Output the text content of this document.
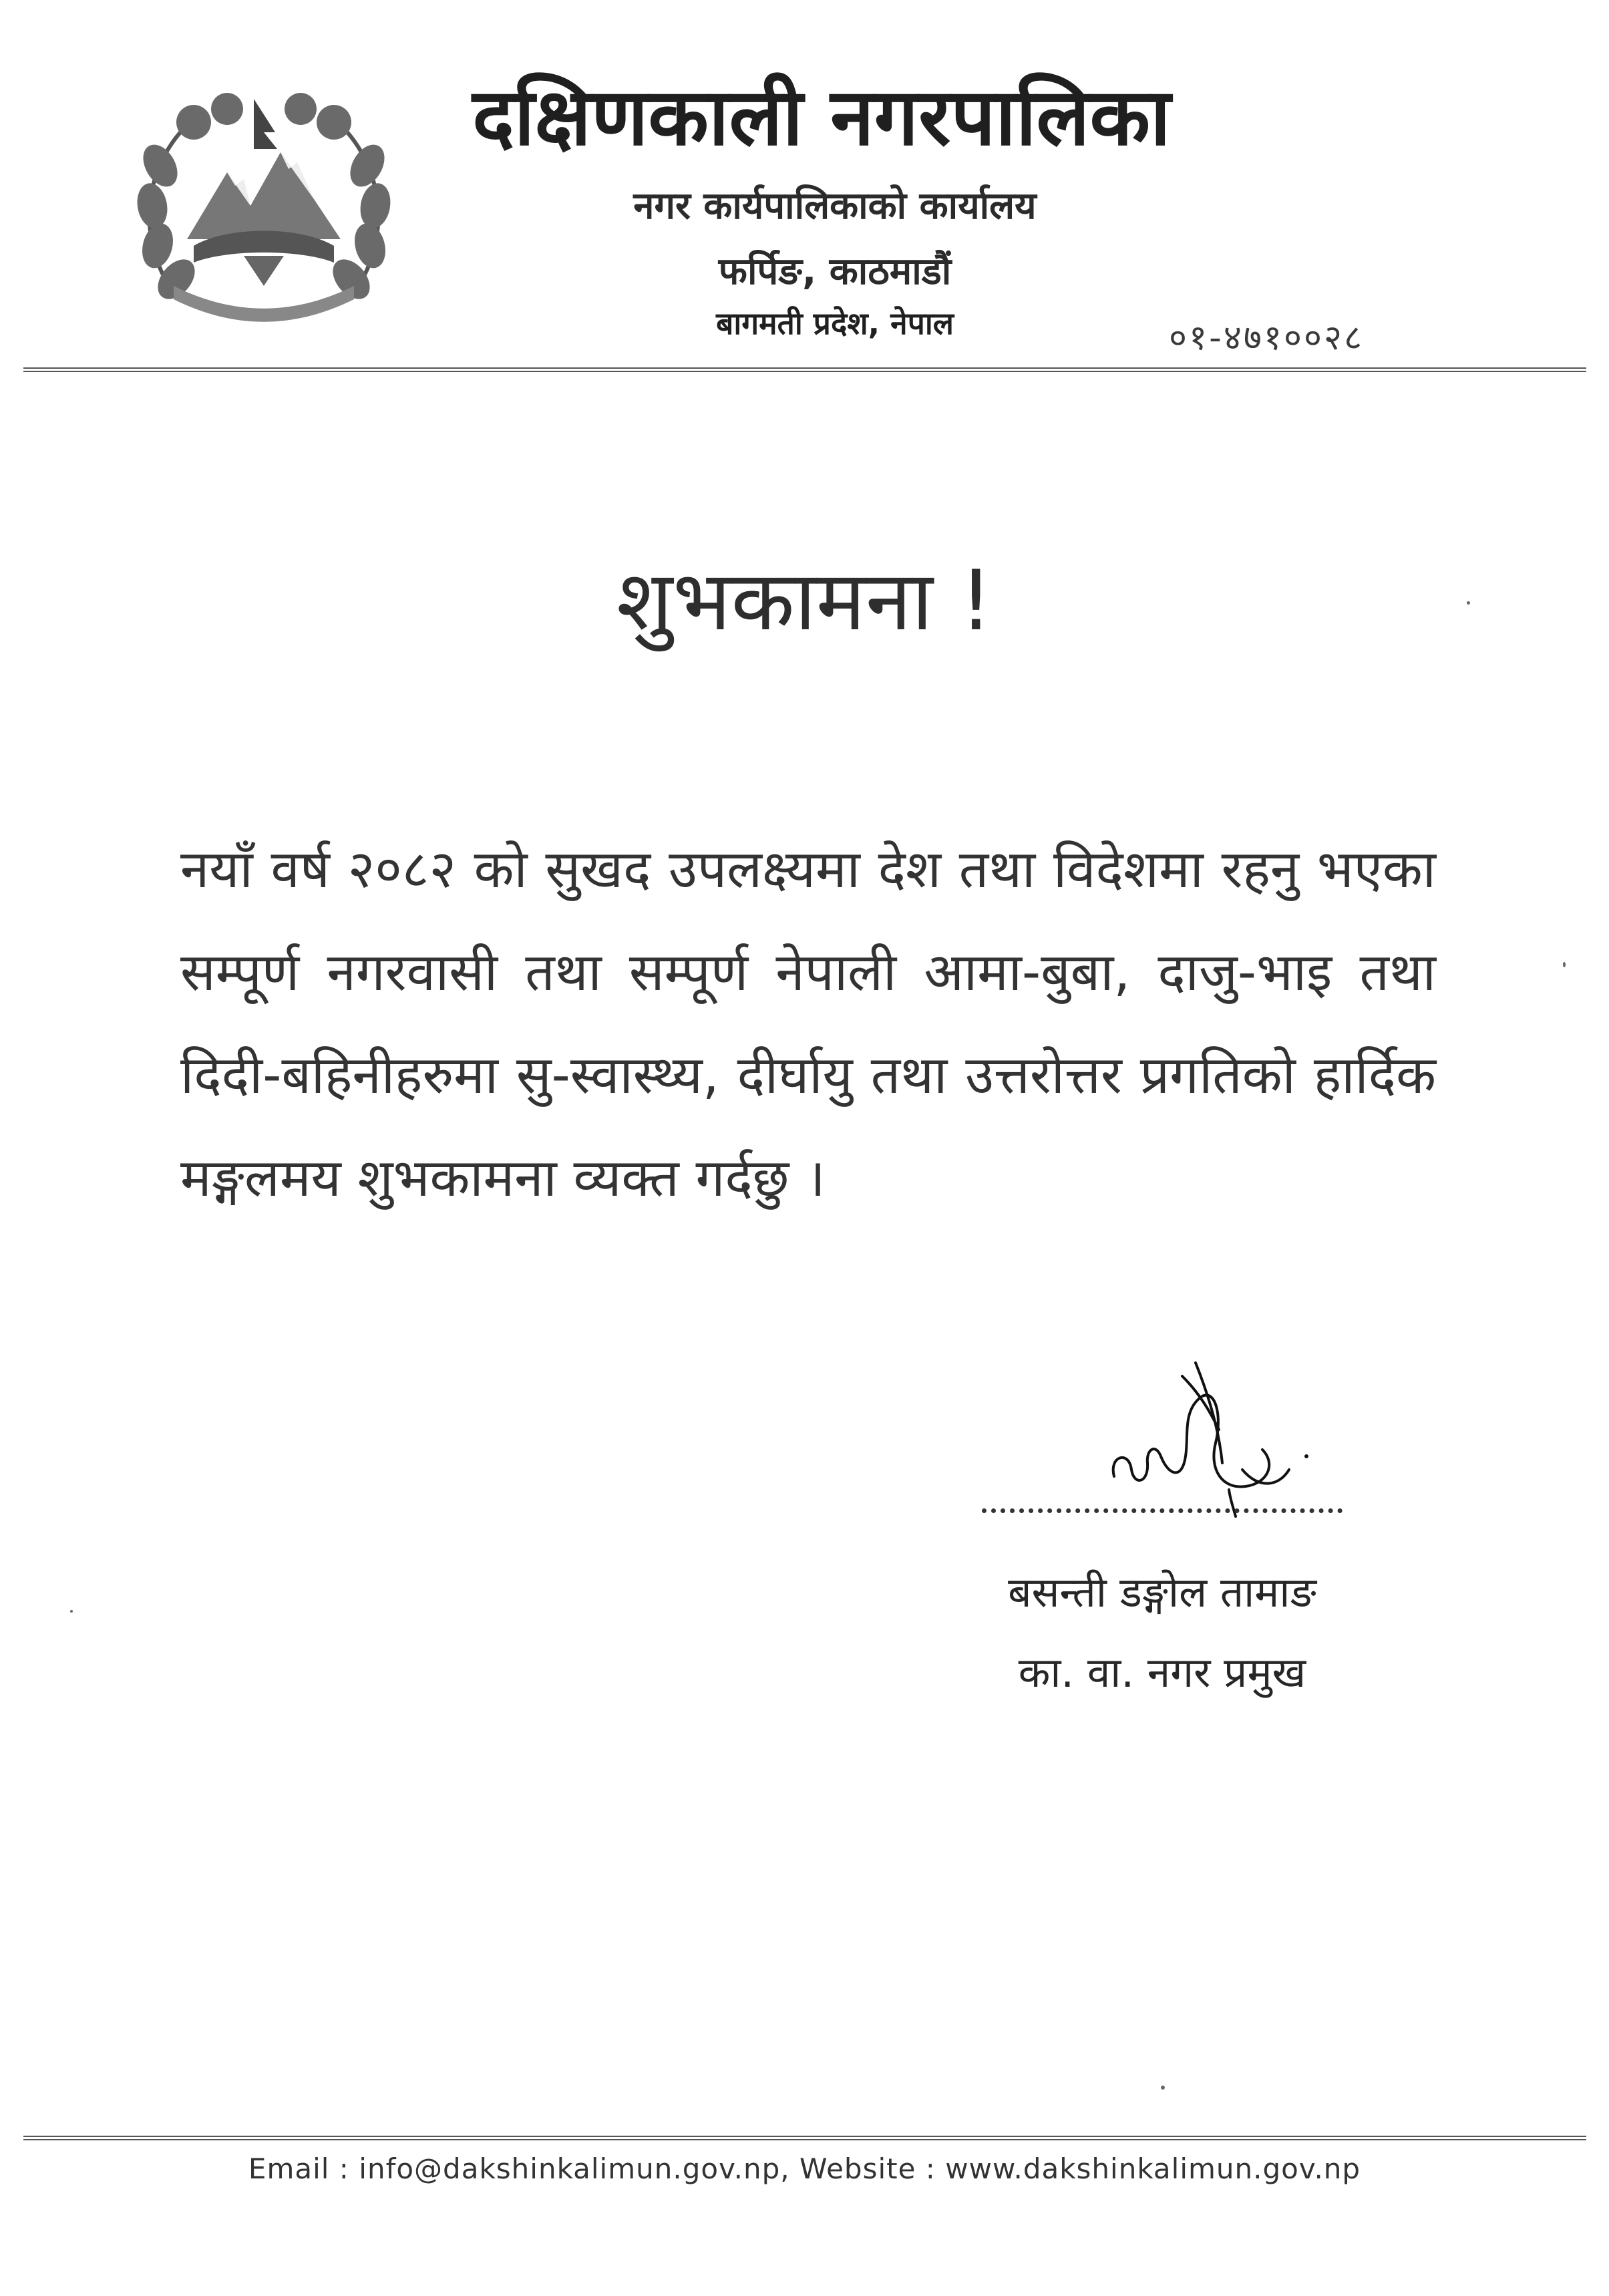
दक्षिणकाली नगरपालिका
नगर कार्यपालिकाको कार्यालय
फर्पिङ, काठमाडौं
बागमती प्रदेश, नेपाल	०१-४७१००२८
शुभकामना !
नयाँ वर्ष २०८२ को सुखद उपलक्ष्यमा देश तथा विदेशमा रहनु भएका सम्पूर्ण नगरवासी तथा सम्पूर्ण नेपाली आमा-बुबा, दाजु-भाइ तथा दिदी-बहिनीहरुमा सु-स्वास्थ्य, दीर्घायु तथा उत्तरोत्तर प्रगतिको हार्दिक मङ्गलमय शुभकामना व्यक्त गर्दछु ।
बसन्ती डङ्गोल तामाङ
का. वा. नगर प्रमुख
Email : info@dakshinkalimun.gov.np, Website : www.dakshinkalimun.gov.np
